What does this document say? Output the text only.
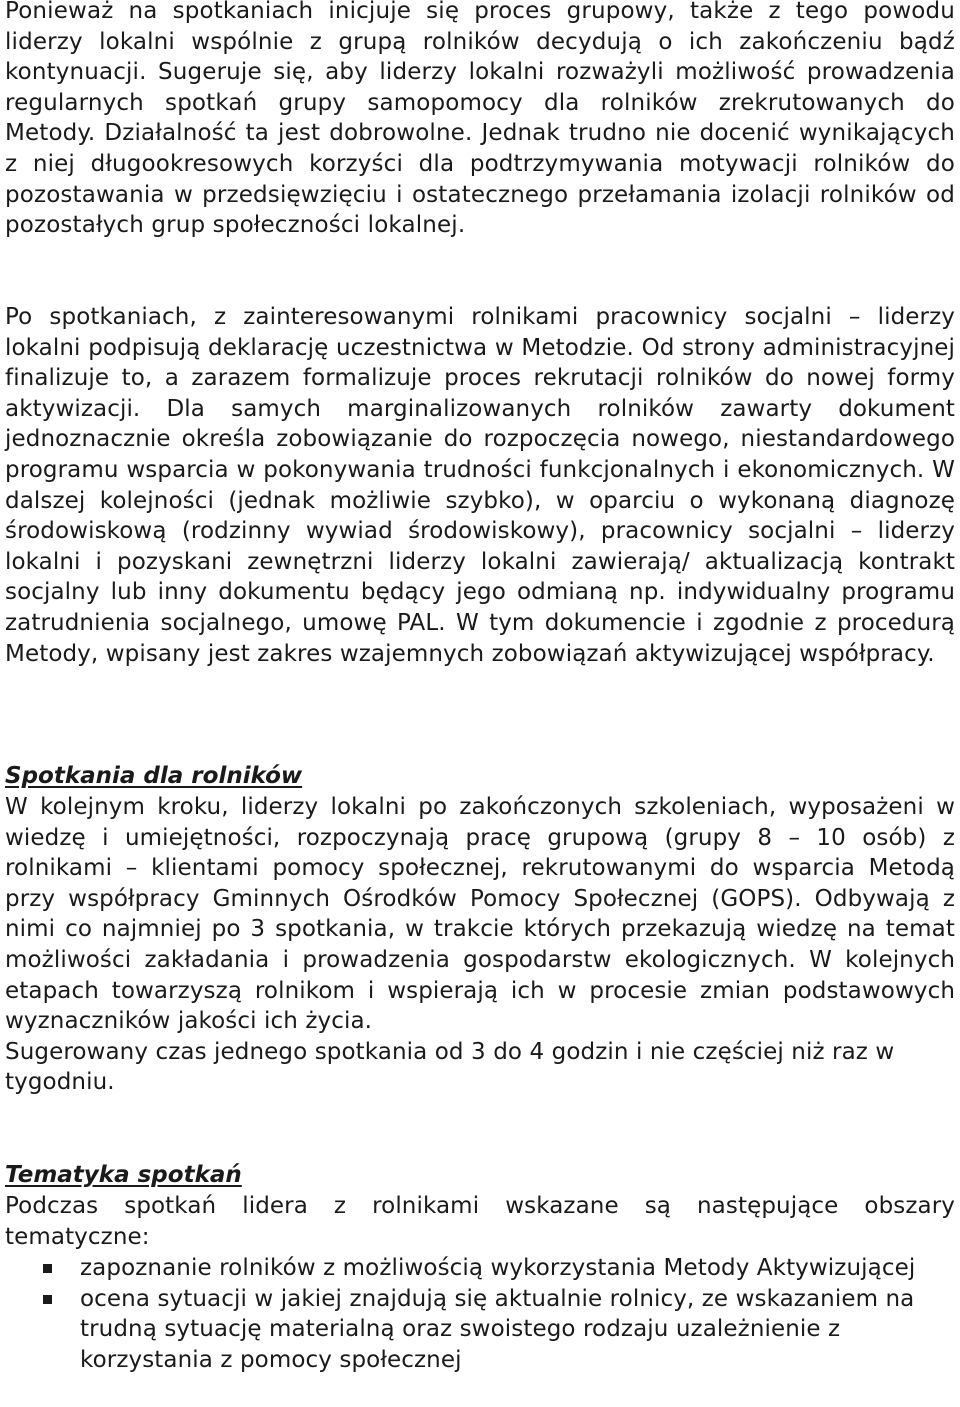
Ponieważ na spotkaniach inicjuje się proces grupowy, także z tego powodu liderzy lokalni wspólnie z grupą rolników decydują o ich zakończeniu bądź kontynuacji. Sugeruje się, aby liderzy lokalni rozważyli możliwość prowadzenia regularnych spotkań grupy samopomocy dla rolników zrekrutowanych do Metody. Działalność ta jest dobrowolne. Jednak trudno nie docenić wynikających z niej długookresowych korzyści dla podtrzymywania motywacji rolników do pozostawania w przedsięwzięciu i ostatecznego przełamania izolacji rolników od pozostałych grup społeczności lokalnej.

Po spotkaniach, z zainteresowanymi rolnikami pracownicy socjalni – liderzy lokalni podpisują deklarację uczestnictwa w Metodzie. Od strony administracyjnej finalizuje to, a zarazem formalizuje proces rekrutacji rolników do nowej formy aktywizacji. Dla samych marginalizowanych rolników zawarty dokument jednoznacznie określa zobowiązanie do rozpoczęcia nowego, niestandardowego programu wsparcia w pokonywania trudności funkcjonalnych i ekonomicznych. W dalszej kolejności (jednak możliwie szybko), w oparciu o wykonaną diagnozę środowiskową (rodzinny wywiad środowiskowy), pracownicy socjalni – liderzy lokalni i pozyskani zewnętrzni liderzy lokalni zawierają/ aktualizacją kontrakt socjalny lub inny dokumentu będący jego odmianą np. indywidualny programu zatrudnienia socjalnego, umowę PAL. W tym dokumencie i zgodnie z procedurą Metody, wpisany jest zakres wzajemnych zobowiązań aktywizującej współpracy.

Spotkania dla rolników

W kolejnym kroku, liderzy lokalni po zakończonych szkoleniach, wyposażeni w wiedzę i umiejętności, rozpoczynają pracę grupową (grupy 8 – 10 osób) z rolnikami – klientami pomocy społecznej, rekrutowanymi do wsparcia Metodą przy współpracy Gminnych Ośrodków Pomocy Społecznej (GOPS). Odbywają z nimi co najmniej po 3 spotkania, w trakcie których przekazują wiedzę na temat możliwości zakładania i prowadzenia gospodarstw ekologicznych. W kolejnych etapach towarzyszą rolnikom i wspierają ich w procesie zmian podstawowych wyznaczników jakości ich życia.

Sugerowany czas jednego spotkania od 3 do 4 godzin i nie częściej niż raz w tygodniu.

Tematyka spotkań

Podczas spotkań lidera z rolnikami wskazane są następujące obszary tematyczne:

zapoznanie rolników z możliwością wykorzystania Metody Aktywizującej
ocena sytuacji w jakiej znajdują się aktualnie rolnicy, ze wskazaniem na trudną sytuację materialną oraz swoistego rodzaju uzależnienie z korzystania z pomocy społecznej
